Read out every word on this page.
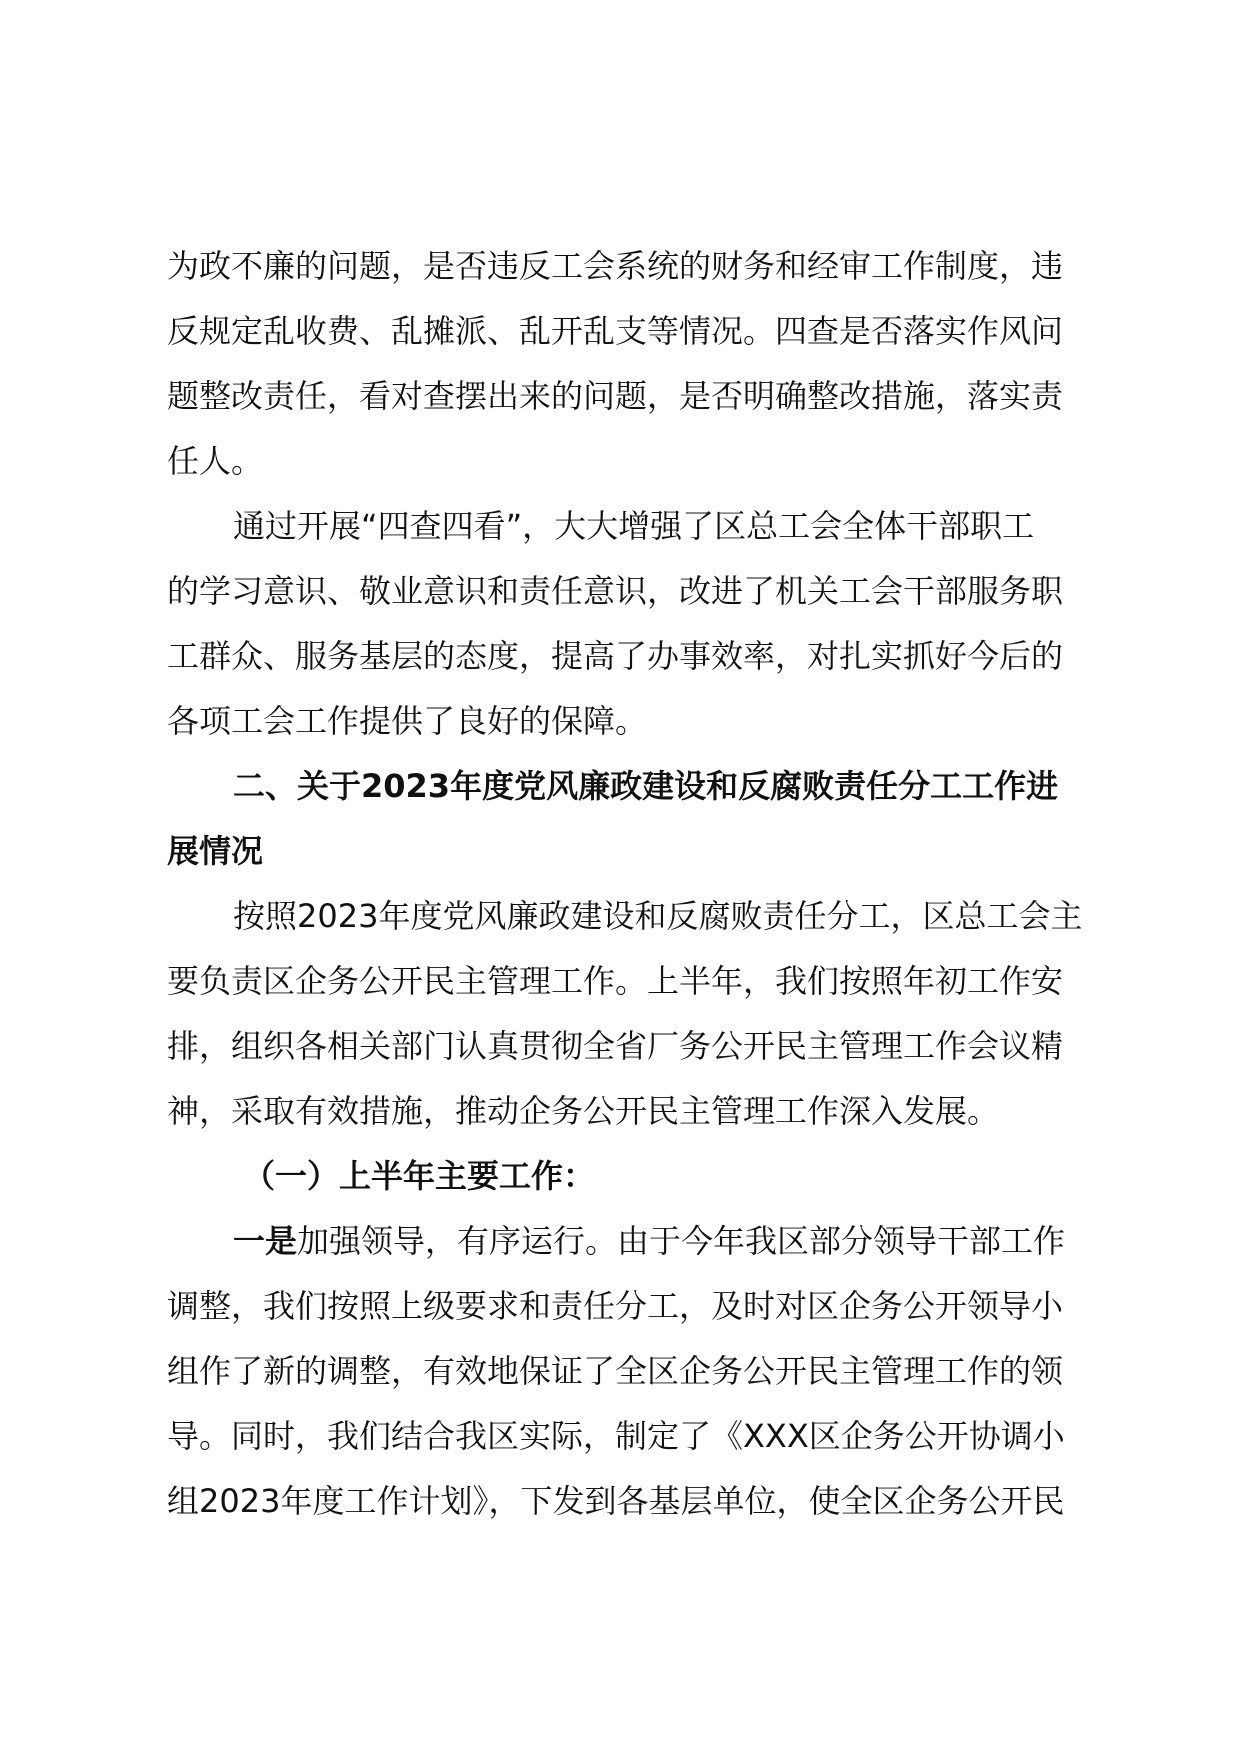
为政不廉的问题，是否违反工会系统的财务和经审工作制度，违
反规定乱收费、乱摊派、乱开乱支等情况。四查是否落实作风问
题整改责任，看对查摆出来的问题，是否明确整改措施，落实责
任人。
通过开展“四查四看”，大大增强了区总工会全体干部职工
的学习意识、敬业意识和责任意识，改进了机关工会干部服务职
工群众、服务基层的态度，提高了办事效率，对扎实抓好今后的
各项工会工作提供了良好的保障。
二、关于2023年度党风廉政建设和反腐败责任分工工作进
展情况
按照2023年度党风廉政建设和反腐败责任分工，区总工会主
要负责区企务公开民主管理工作。上半年，我们按照年初工作安
排，组织各相关部门认真贯彻全省厂务公开民主管理工作会议精
神，采取有效措施，推动企务公开民主管理工作深入发展。
（一）上半年主要工作：
一是加强领导，有序运行。由于今年我区部分领导干部工作
调整，我们按照上级要求和责任分工，及时对区企务公开领导小
组作了新的调整，有效地保证了全区企务公开民主管理工作的领
导。同时，我们结合我区实际，制定了《XXX区企务公开协调小
组2023年度工作计划》，下发到各基层单位，使全区企务公开民
